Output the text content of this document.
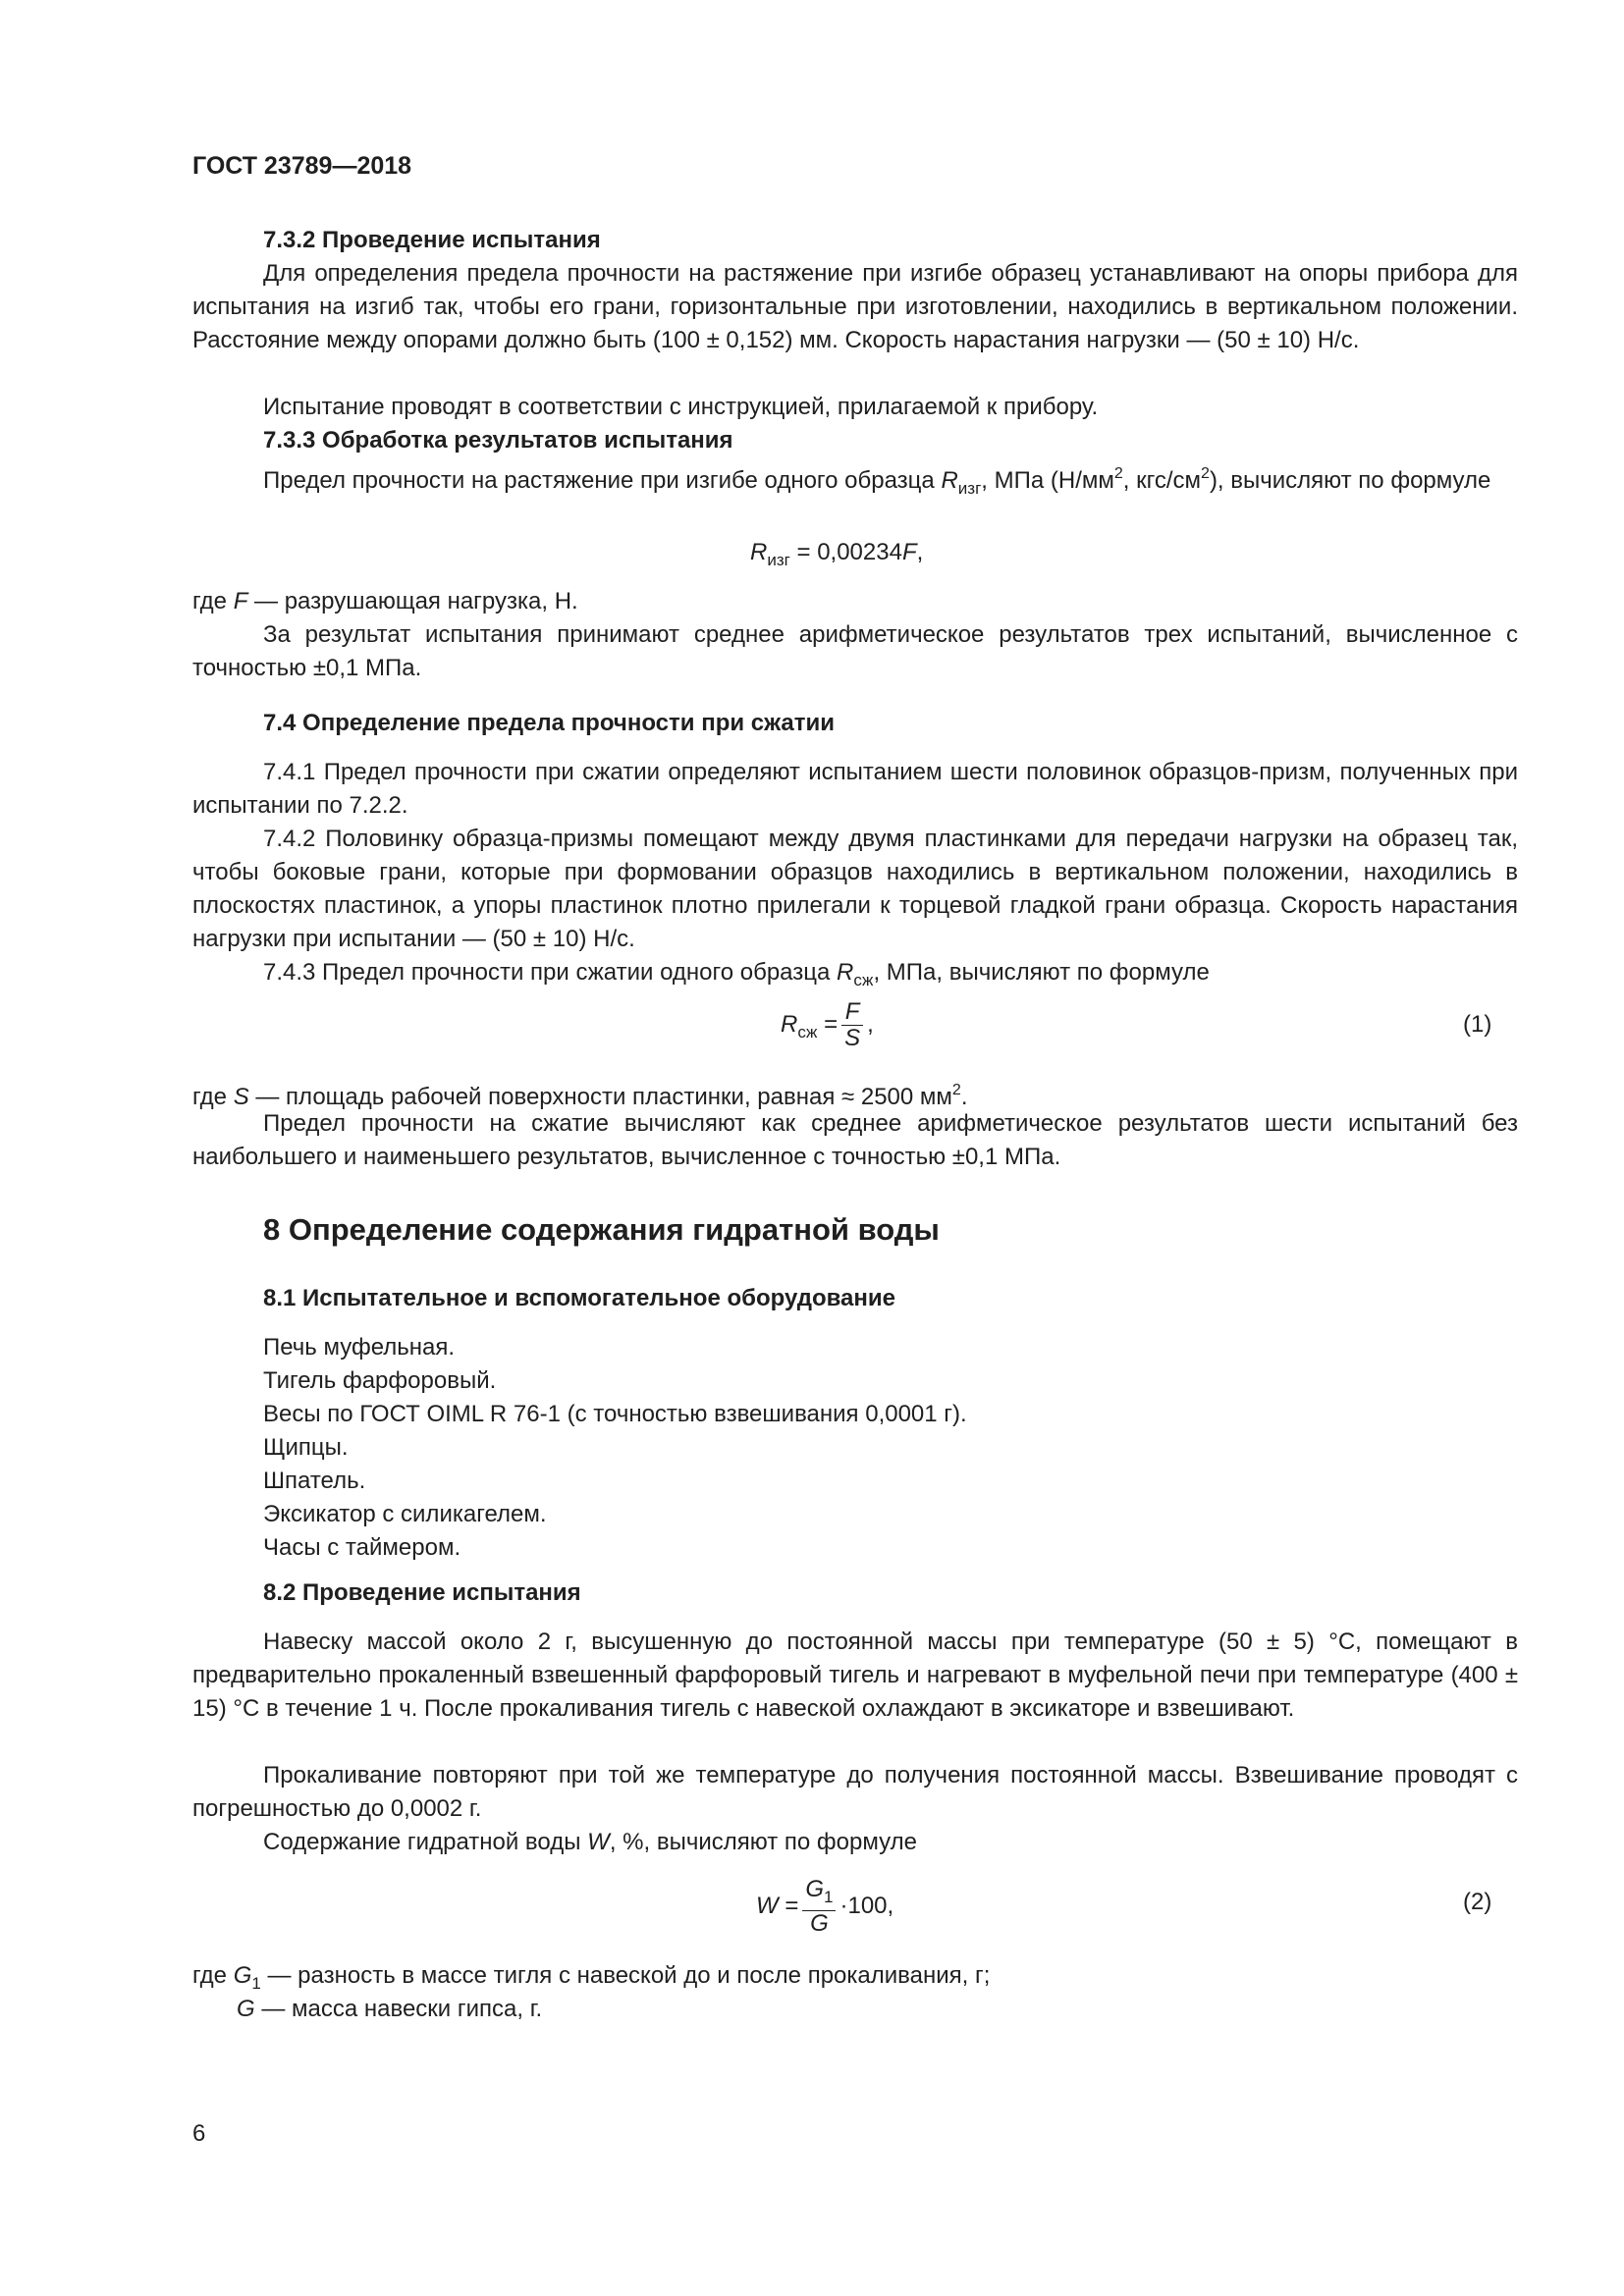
ГОСТ 23789—2018
7.3.2 Проведение испытания
Для определения предела прочности на растяжение при изгибе образец устанавливают на опоры прибора для испытания на изгиб так, чтобы его грани, горизонтальные при изготовлении, находились в вертикальном положении. Расстояние между опорами должно быть (100 ± 0,152) мм. Скорость нарастания нагрузки — (50 ± 10) Н/с.
Испытание проводят в соответствии с инструкцией, прилагаемой к прибору.
7.3.3 Обработка результатов испытания
Предел прочности на растяжение при изгибе одного образца $R_{изг}$, МПа ($Н/мм^2$, кгс/$см^2$), вычисляют по формуле
$R_{изг} = 0,00234F$,
где F — разрушающая нагрузка, Н.
За результат испытания принимают среднее арифметическое результатов трех испытаний, вычисленное с точностью ±0,1 МПа.
7.4 Определение предела прочности при сжатии
7.4.1 Предел прочности при сжатии определяют испытанием шести половинок образцов-призм, полученных при испытании по 7.2.2.
7.4.2 Половинку образца-призмы помещают между двумя пластинками для передачи нагрузки на образец так, чтобы боковые грани, которые при формовании образцов находились в вертикальном положении, находились в плоскостях пластинок, а упоры пластинок плотно прилегали к торцевой гладкой грани образца. Скорость нарастания нагрузки при испытании — (50 ± 10) Н/с.
7.4.3 Предел прочности при сжатии одного образца $R_{сж}$, МПа, вычисляют по формуле
$R_{сж} = \frac{F}{S}$ ,	(1)
где S — площадь рабочей поверхности пластинки, равная ≈ 2500 $мм^2$.
Предел прочности на сжатие вычисляют как среднее арифметическое результатов шести испытаний без наибольшего и наименьшего результатов, вычисленное с точностью ±0,1 МПа.
8 Определение содержания гидратной воды
8.1 Испытательное и вспомогательное оборудование
Печь муфельная.
Тигель фарфоровый.
Весы по ГОСТ OIML R 76-1 (с точностью взвешивания 0,0001 г).
Щипцы.
Шпатель.
Эксикатор с силикагелем.
Часы с таймером.
8.2 Проведение испытания
Навеску массой около 2 г, высушенную до постоянной массы при температуре (50 ± 5) °С, помещают в предварительно прокаленный взвешенный фарфоровый тигель и нагревают в муфельной печи при температуре (400 ± 15) °С в течение 1 ч. После прокаливания тигель с навеской охлаждают в эксикаторе и взвешивают.
Прокаливание повторяют при той же температуре до получения постоянной массы. Взвешивание проводят с погрешностью до 0,0002 г.
Содержание гидратной воды W, %, вычисляют по формуле
$W = \frac{G_1}{G} \cdot 100$,	(2)
где $G_1$ — разность в массе тигля с навеской до и после прокаливания, г;
G — масса навески гипса, г.
6
